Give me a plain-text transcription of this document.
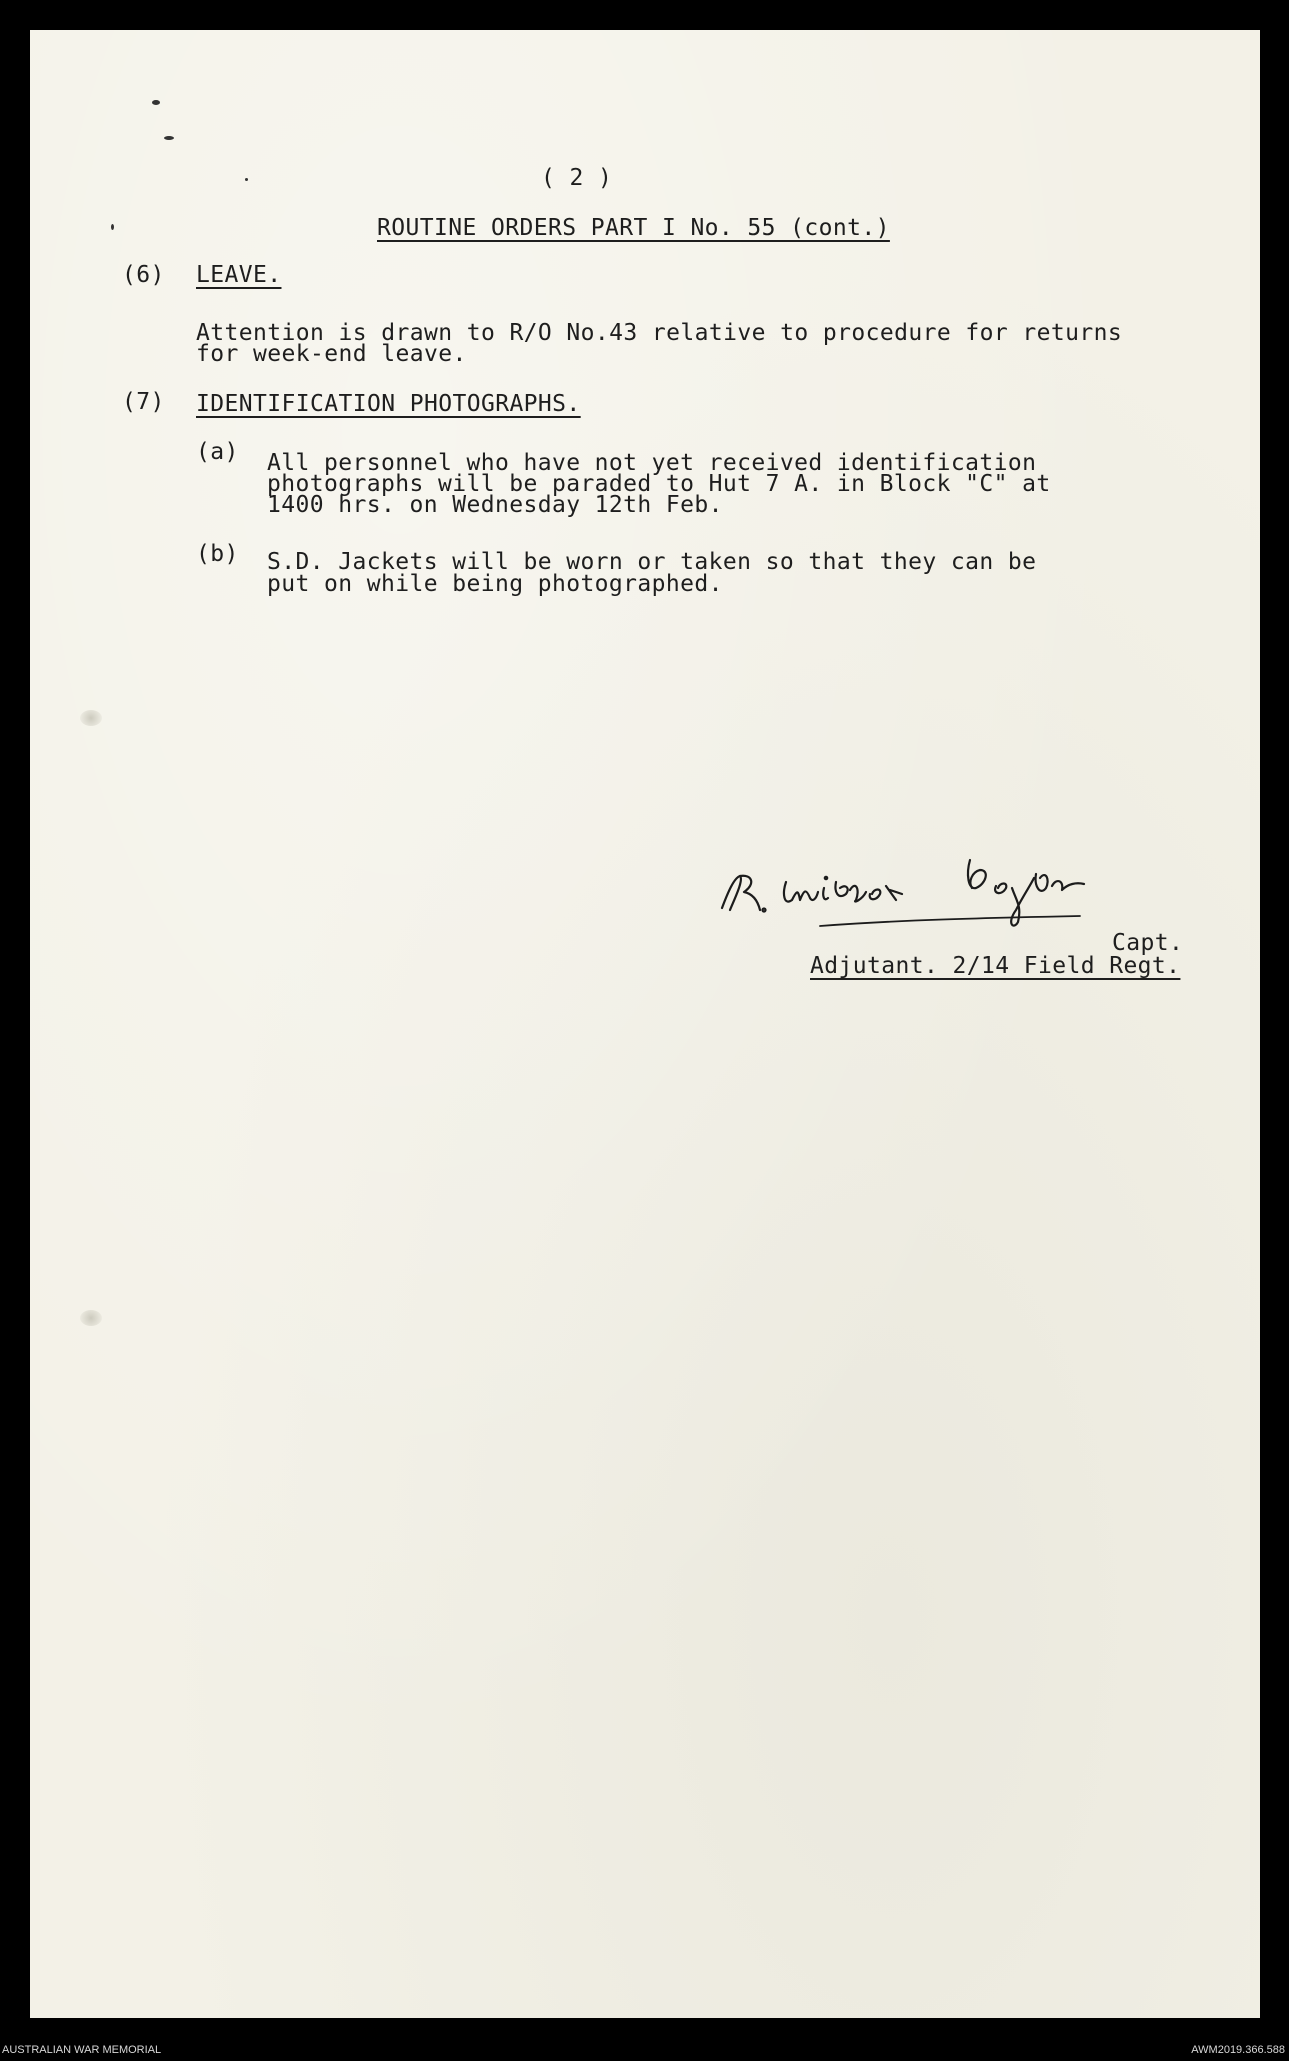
( 2 )
ROUTINE ORDERS PART I No. 55 (cont.)
(6) LEAVE.
Attention is drawn to R/O No.43 relative to procedure for returns
for week-end leave.
(7) IDENTIFICATION PHOTOGRAPHS.
(a) All personnel who have not yet received identification
photographs will be paraded to Hut 7 A. in Block "C" at
1400 hrs. on Wednesday 12th Feb.
(b) S.D. Jackets will be worn or taken so that they can be
put on while being photographed.
Capt.
Adjutant. 2/14 Field Regt.
AUSTRALIAN WAR MEMORIAL	AWM2019.366.588
